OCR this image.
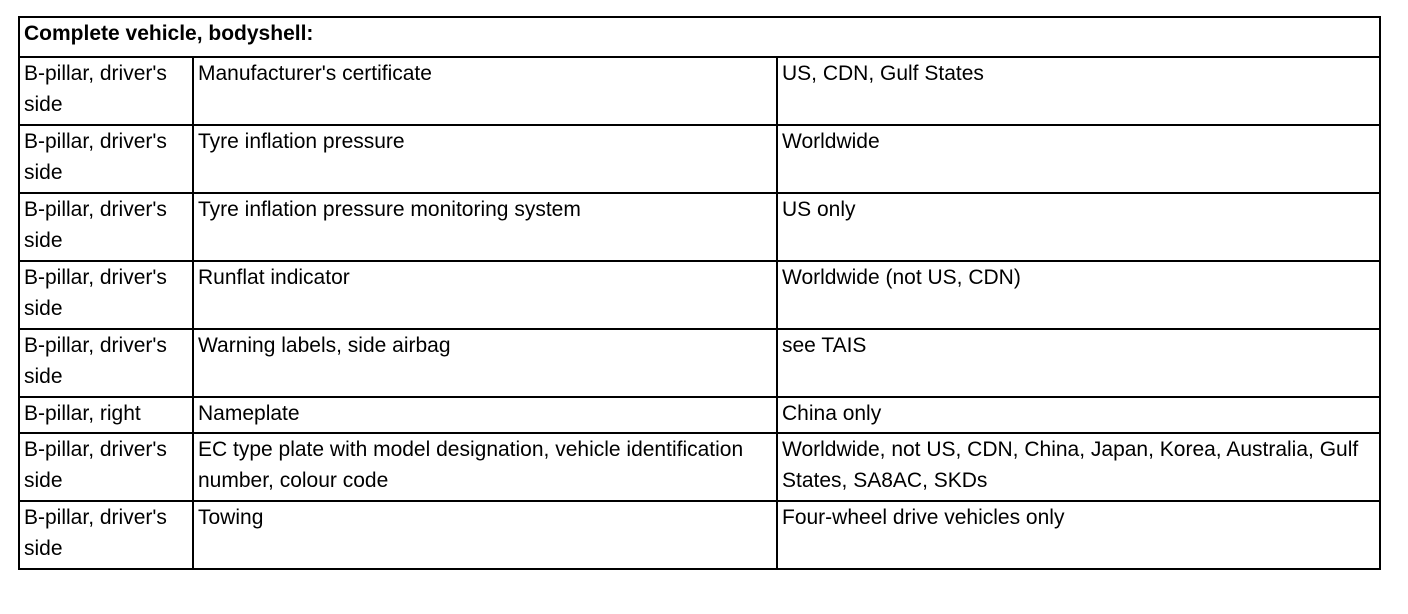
Complete vehicle, bodyshell:		
B-pillar, driver's side	Manufacturer's certificate	US, CDN, Gulf States
B-pillar, driver's side	Tyre inflation pressure	Worldwide
B-pillar, driver's side	Tyre inflation pressure monitoring system	US only
B-pillar, driver's side	Runflat indicator	Worldwide (not US, CDN)
B-pillar, driver's side	Warning labels, side airbag	see TAIS
B-pillar, right	Nameplate	China only
B-pillar, driver's side	EC type plate with model designation, vehicle identification number, colour code	Worldwide, not US, CDN, China, Japan, Korea, Australia, Gulf States, SA8AC, SKDs
B-pillar, driver's side	Towing	Four-wheel drive vehicles only
